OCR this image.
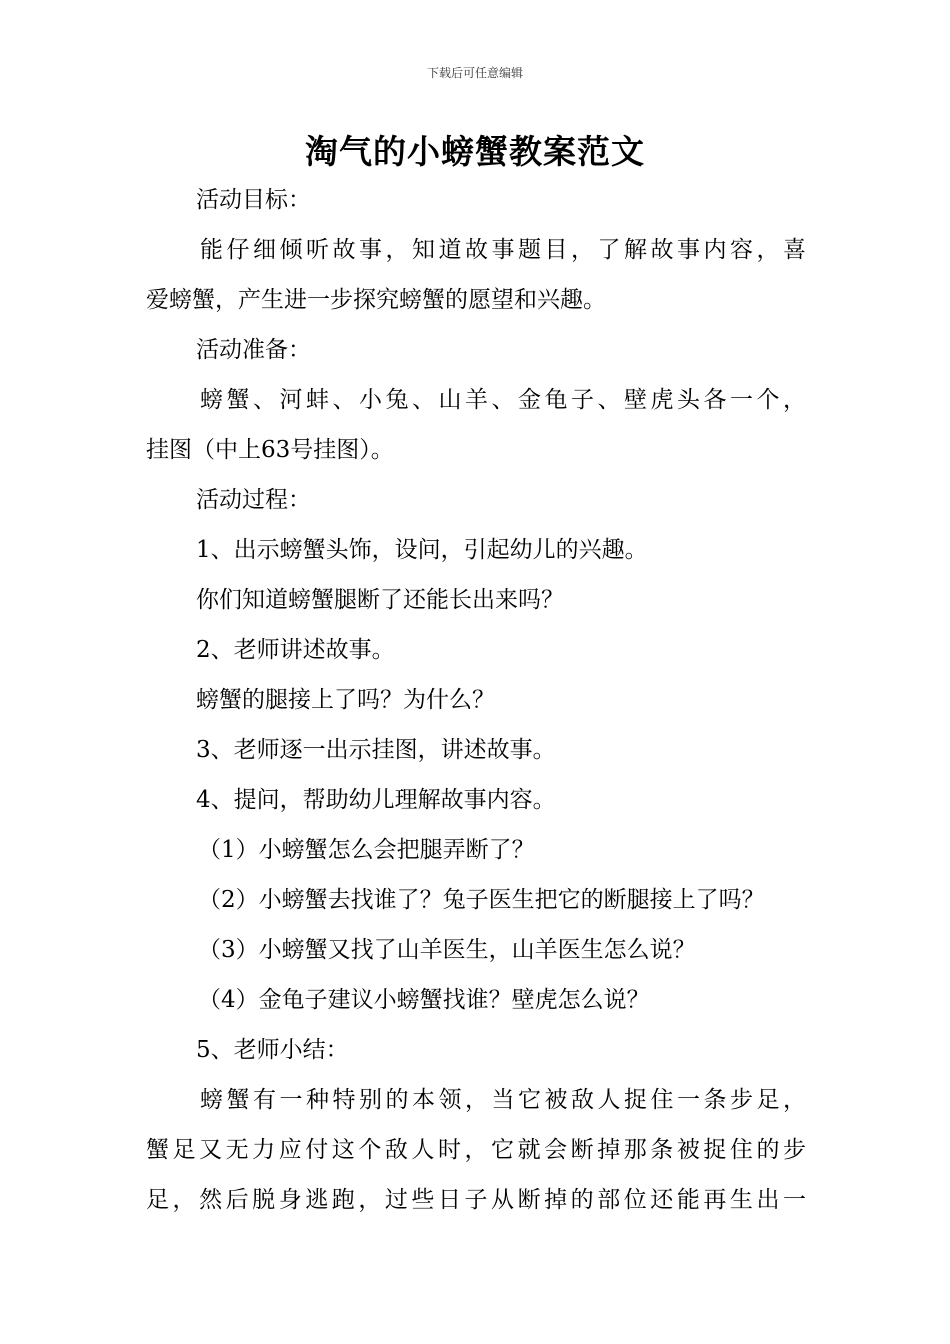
下载后可任意编辑
淘气的小螃蟹教案范文
活动目标：
能仔细倾听故事，知道故事题目，了解故事内容，喜
爱螃蟹，产生进一步探究螃蟹的愿望和兴趣。
活动准备：
螃蟹、河蚌、小兔、山羊、金龟子、壁虎头各一个，
挂图（中上63号挂图）。
活动过程：
1、出示螃蟹头饰，设问，引起幼儿的兴趣。
你们知道螃蟹腿断了还能长出来吗？
2、老师讲述故事。
螃蟹的腿接上了吗？为什么？
3、老师逐一出示挂图，讲述故事。
4、提问，帮助幼儿理解故事内容。
（1）小螃蟹怎么会把腿弄断了？
（2）小螃蟹去找谁了？兔子医生把它的断腿接上了吗？
（3）小螃蟹又找了山羊医生，山羊医生怎么说？
（4）金龟子建议小螃蟹找谁？壁虎怎么说？
5、老师小结：
螃蟹有一种特别的本领，当它被敌人捉住一条步足，
蟹足又无力应付这个敌人时，它就会断掉那条被捉住的步
足，然后脱身逃跑，过些日子从断掉的部位还能再生出一
